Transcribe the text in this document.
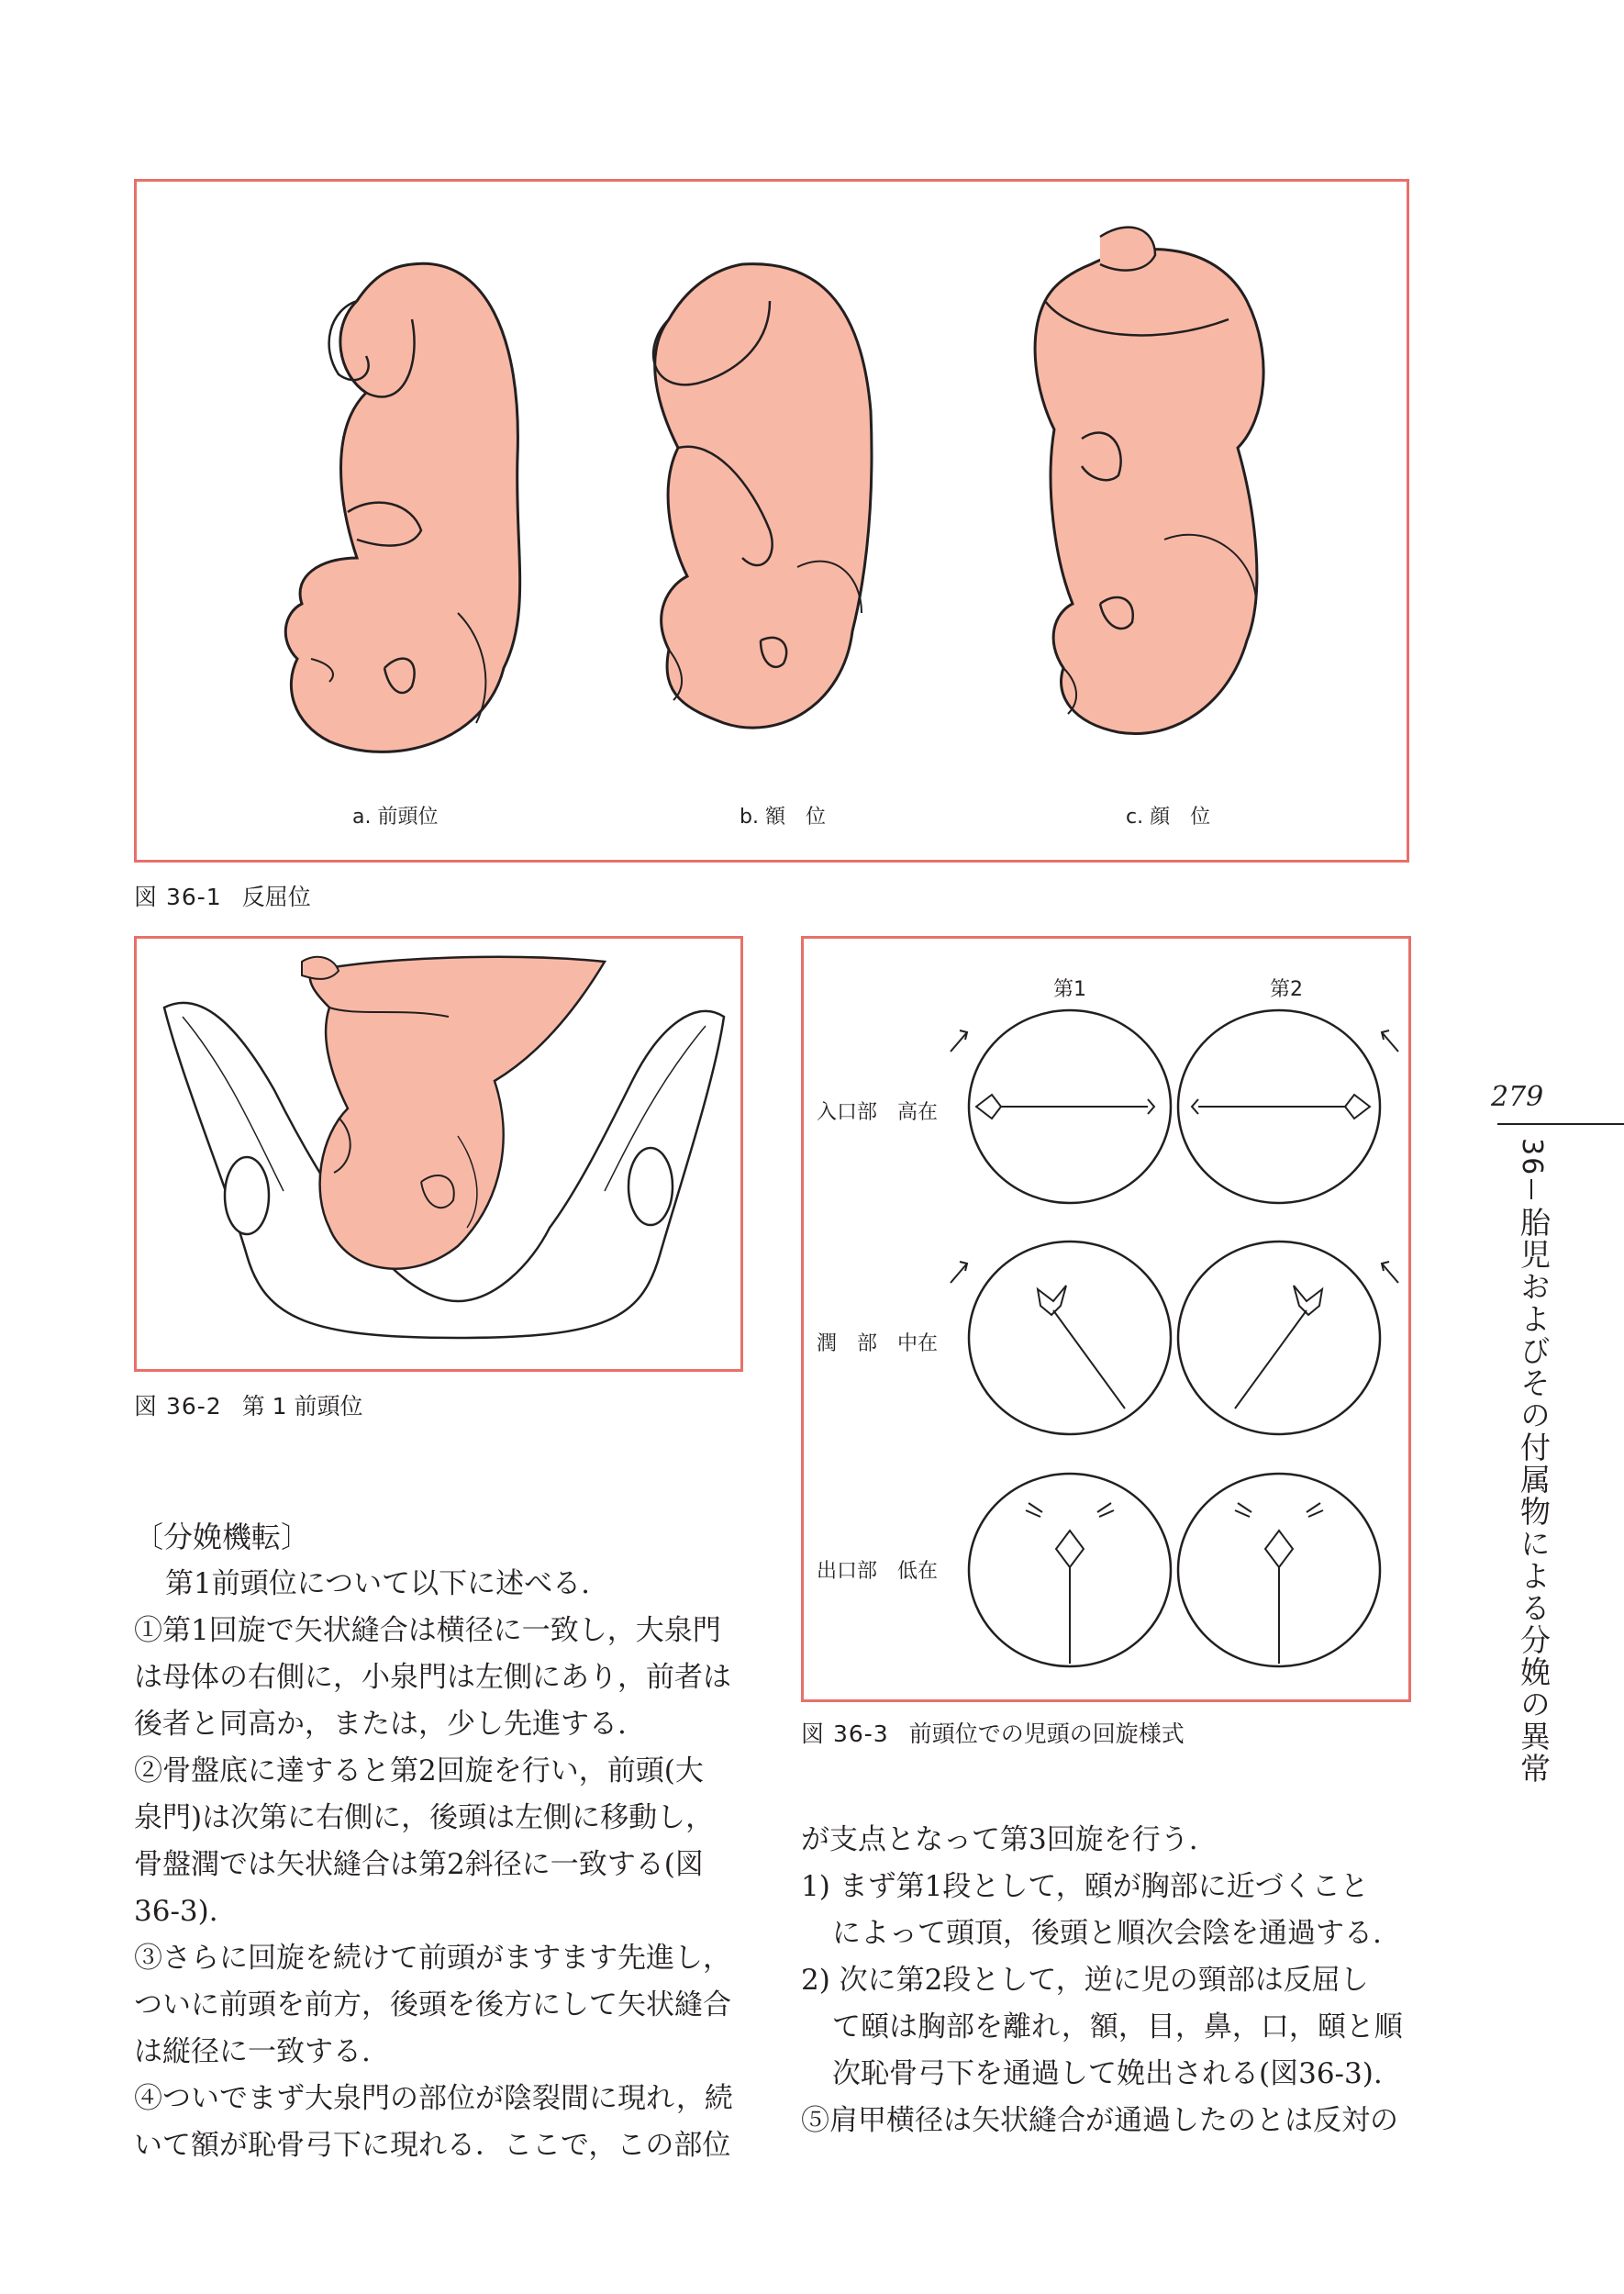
a. 前頭位	b. 額　位	c. 顔　位
図 36-1 反屈位
図 36-2 第 1 前頭位
第1	第2
入口部　高在
潤　部　中在
出口部　低在
図 36-3 前頭位での児頭の回旋様式

〔分娩機転〕

第1前頭位について以下に述べる.

①第1回旋で矢状縫合は横径に一致し，大泉門

は母体の右側に，小泉門は左側にあり，前者は

後者と同高か，または，少し先進する.

②骨盤底に達すると第2回旋を行い，前頭(大

泉門)は次第に右側に，後頭は左側に移動し，

骨盤潤では矢状縫合は第2斜径に一致する(図

36-3).

③さらに回旋を続けて前頭がますます先進し，

ついに前頭を前方，後頭を後方にして矢状縫合

は縦径に一致する.

④ついでまず大泉門の部位が陰裂間に現れ，続

いて額が恥骨弓下に現れる．ここで，この部位

が支点となって第3回旋を行う.

1) まず第1段として，頤が胸部に近づくこと

によって頭頂，後頭と順次会陰を通過する.

2) 次に第2段として，逆に児の頸部は反屈し

て頤は胸部を離れ，額，目，鼻，口，頤と順

次恥骨弓下を通過して娩出される(図36-3).

⑤肩甲横径は矢状縫合が通過したのとは反対の

279
36
胎児およびその付属物による分娩の異常
